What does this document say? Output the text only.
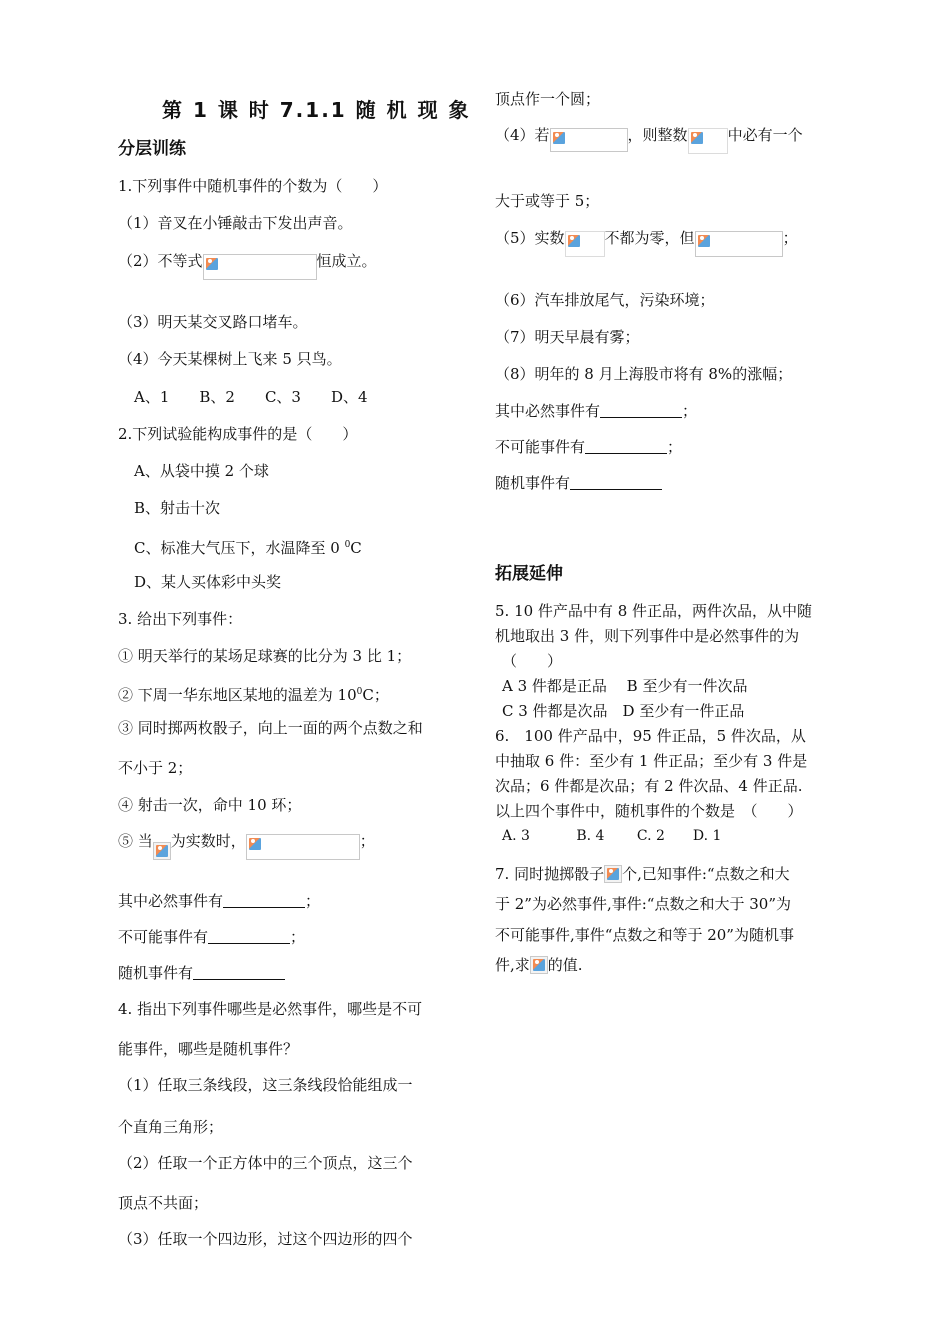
第 1 课 时 7.1.1 随 机 现 象
分层训练
1.下列事件中随机事件的个数为（　　）
（1）音叉在小锤敲击下发出声音。
（2）不等式	恒成立。
（3）明天某交叉路口堵车。
（4）今天某棵树上飞来 5 只鸟。
A、1　　B、2　　C、3　　D、4
2.下列试验能构成事件的是（　　）
A、从袋中摸 2 个球
B、射击十次
C、标准大气压下，水温降至 0 $^0$C
D、某人买体彩中头奖
3. 给出下列事件：
① 明天举行的某场足球赛的比分为 3 比 1；
② 下周一华东地区某地的温差为 $10^0C$；
③ 同时掷两枚骰子，向上一面的两个点数之和
不小于 2；
④ 射击一次，命中 10 环；
⑤ 当 为实数时，	；
其中必然事件有	；
不可能事件有	；
随机事件有
4. 指出下列事件哪些是必然事件，哪些是不可
能事件，哪些是随机事件？
（1）任取三条线段，这三条线段恰能组成一
个直角三角形；
（2）任取一个正方体中的三个顶点，这三个
顶点不共面；
（3）任取一个四边形，过这个四边形的四个
顶点作一个圆；
（4）若	，则整数	中必有一个
大于或等于 5；
（5）实数	不都为零，但	；
（6）汽车排放尾气，污染环境；
（7）明天早晨有雾；
（8）明年的 8 月上海股市将有 8%的涨幅；
其中必然事件有	；
不可能事件有	；
随机事件有
拓展延伸
5. 10 件产品中有 8 件正品，两件次品，从中随
机地取出 3 件，则下列事件中是必然事件的为
（　　）
A 3 件都是正品　 B 至少有一件次品
C 3 件都是次品　D 至少有一件正品
6.　100 件产品中，95 件正品，5 件次品，从
中抽取 6 件：至少有 1 件正品；至少有 3 件是
次品；6 件都是次品；有 2 件次品、4 件正品.
以上四个事件中，随机事件的个数是　（　　）
A. 3　　　 B. 4　　 C. 2　　D. 1
7. 同时抛掷骰子 个,已知事件:“点数之和大
于 2”为必然事件,事件:“点数之和大于 30”为
不可能事件,事件“点数之和等于 20”为随机事
件,求 的值.
